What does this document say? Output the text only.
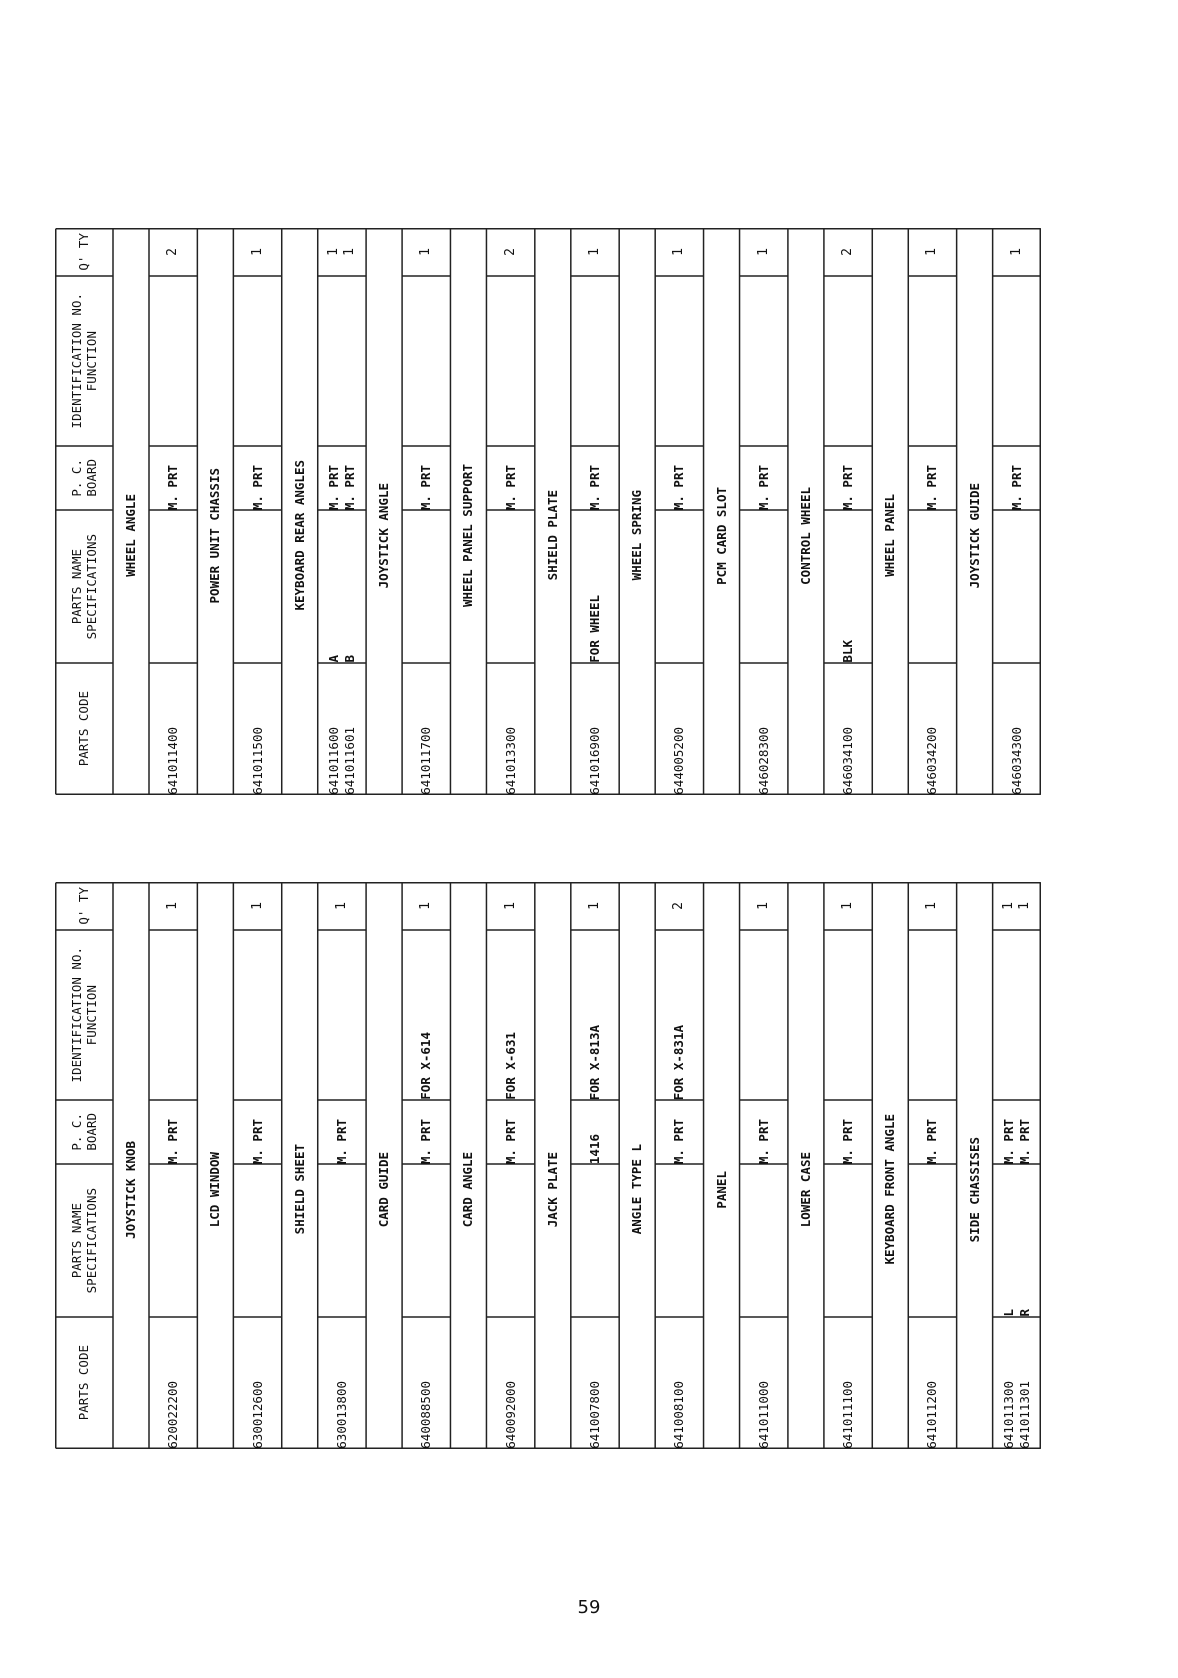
PARTS CODE
PARTS NAME SPECIFICATIONS
P. C. BOARD
IDENTIFICATION NO. FUNCTION
Q' TY
JOYSTICK KNOB
620022200
M. PRT
1
LCD WINDOW
630012600
M. PRT
1
SHIELD SHEET
630013800
M. PRT
1
CARD GUIDE
640088500
M. PRT
FOR X-614
1
CARD ANGLE
640092000
M. PRT
FOR X-631
1
JACK PLATE
641007800
1416
FOR X-813A
1
ANGLE TYPE L
641008100
M. PRT
FOR X-831A
2
PANEL
641011000
M. PRT
1
LOWER CASE
641011100
M. PRT
1
KEYBOARD FRONT ANGLE
641011200
M. PRT
1
SIDE CHASSISES
641011300 641011301
L R
M. PRT M. PRT
1 1
PARTS CODE
PARTS NAME SPECIFICATIONS
P. C. BOARD
IDENTIFICATION NO. FUNCTION
Q' TY
WHEEL ANGLE
641011400
M. PRT
2
POWER UNIT CHASSIS
641011500
M. PRT
1
KEYBOARD REAR ANGLES
641011600 641011601
A B
M. PRT M. PRT
1 1
JOYSTICK ANGLE
641011700
M. PRT
1
WHEEL PANEL SUPPORT
641013300
M. PRT
2
SHIELD PLATE
641016900
FOR WHEEL
M. PRT
1
WHEEL SPRING
644005200
M. PRT
1
PCM CARD SLOT
646028300
M. PRT
1
CONTROL WHEEL
646034100
BLK
M. PRT
2
WHEEL PANEL
646034200
M. PRT
1
JOYSTICK GUIDE
646034300
M. PRT
1
59
